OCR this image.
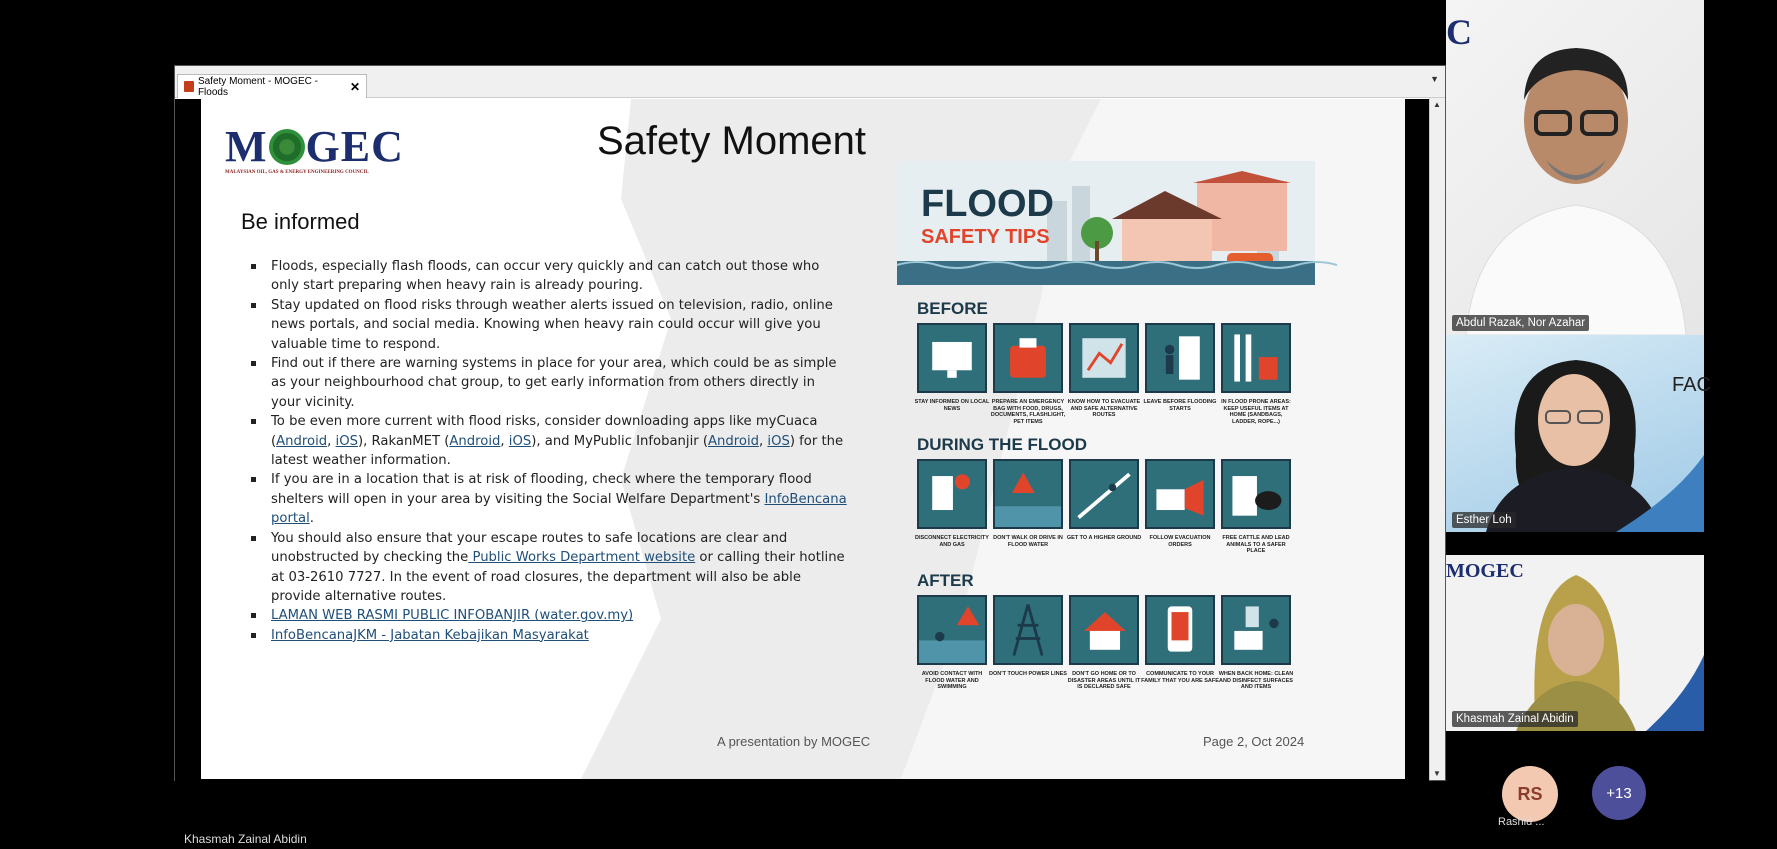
Safety Moment - MOGEC - Floods	✕
▼
M GEC
MALAYSIAN OIL, GAS & ENERGY ENGINEERING COUNCIL
Safety Moment
Be informed
Floods, especially flash floods, can occur very quickly and can catch out those who only start preparing when heavy rain is already pouring.
Stay updated on flood risks through weather alerts issued on television, radio, online news portals, and social media. Knowing when heavy rain could occur will give you valuable time to respond.
Find out if there are warning systems in place for your area, which could be as simple as your neighbourhood chat group, to get early information from others directly in your vicinity.
To be even more current with flood risks, consider downloading apps like myCuaca (Android, iOS), RakanMET (Android, iOS), and MyPublic Infobanjir (Android, iOS) for the latest weather information.
If you are in a location that is at risk of flooding, check where the temporary flood shelters will open in your area by visiting the Social Welfare Department's InfoBencana portal.
You should also ensure that your escape routes to safe locations are clear and unobstructed by checking the Public Works Department website or calling their hotline at 03-2610 7727. In the event of road closures, the department will also be able provide alternative routes.
LAMAN WEB RASMI PUBLIC INFOBANJIR (water.gov.my)
InfoBencanaJKM - Jabatan Kebajikan Masyarakat
FLOOD
SAFETY TIPS
BEFORE
DURING THE FLOOD
AFTER
STAY INFORMED ON LOCAL NEWS
PREPARE AN EMERGENCY BAG WITH FOOD, DRUGS, DOCUMENTS, FLASHLIGHT, PET ITEMS
KNOW HOW TO EVACUATE AND SAFE ALTERNATIVE ROUTES
LEAVE BEFORE FLOODING STARTS
IN FLOOD PRONE AREAS: KEEP USEFUL ITEMS AT HOME (SANDBAGS, LADDER, ROPE...)
DISCONNECT ELECTRICITY AND GAS
DON'T WALK OR DRIVE IN FLOOD WATER
GET TO A HIGHER GROUND	FOLLOW EVACUATION ORDERS
FREE CATTLE AND LEAD ANIMALS TO A SAFER PLACE
AVOID CONTACT WITH FLOOD WATER AND SWIMMING
DON'T TOUCH POWER LINES DON'T GO HOME OR TO DISASTER AREAS UNTIL IT IS DECLARED SAFE
COMMUNICATE TO YOUR FAMILY THAT YOU ARE SAFE
WHEN BACK HOME: CLEAN AND DISINFECT SURFACES AND ITEMS
A presentation by MOGEC	Page 2, Oct 2024
▲
▼
C
Abdul Razak, Nor Azahar
FAC
Esther Loh
MOGEC
Khasmah Zainal Abidin
RS
Rashid ...
+13
Khasmah Zainal Abidin
